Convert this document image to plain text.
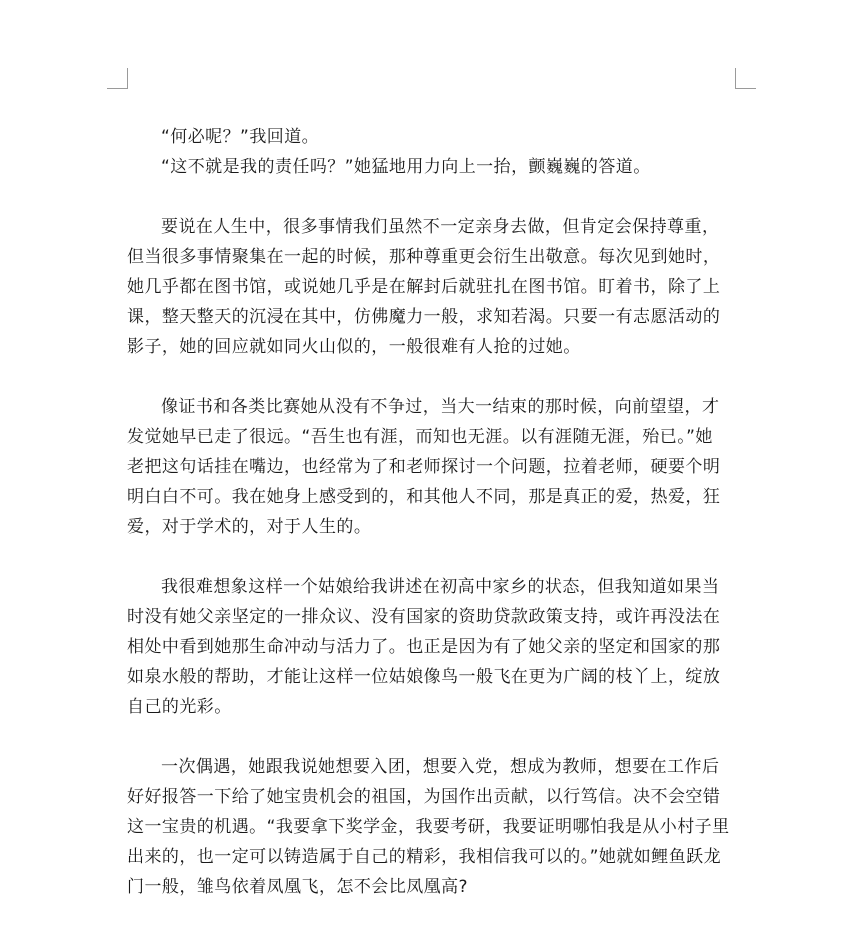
“何必呢？”我回道。

“这不就是我的责任吗？”她猛地用力向上一抬，颤巍巍的答道。

要说在人生中，很多事情我们虽然不一定亲身去做，但肯定会保持尊重，

但当很多事情聚集在一起的时候，那种尊重更会衍生出敬意。每次见到她时，

她几乎都在图书馆，或说她几乎是在解封后就驻扎在图书馆。盯着书，除了上

课，整天整天的沉浸在其中，仿佛魔力一般，求知若渴。只要一有志愿活动的

影子，她的回应就如同火山似的，一般很难有人抢的过她。

像证书和各类比赛她从没有不争过，当大一结束的那时候，向前望望，才

发觉她早已走了很远。“吾生也有涯，而知也无涯。以有涯随无涯，殆已。”她

老把这句话挂在嘴边，也经常为了和老师探讨一个问题，拉着老师，硬要个明

明白白不可。我在她身上感受到的，和其他人不同，那是真正的爱，热爱，狂

爱，对于学术的，对于人生的。

我很难想象这样一个姑娘给我讲述在初高中家乡的状态，但我知道如果当

时没有她父亲坚定的一排众议、没有国家的资助贷款政策支持，或许再没法在

相处中看到她那生命冲动与活力了。也正是因为有了她父亲的坚定和国家的那

如泉水般的帮助，才能让这样一位姑娘像鸟一般飞在更为广阔的枝丫上，绽放

自己的光彩。

一次偶遇，她跟我说她想要入团，想要入党，想成为教师，想要在工作后

好好报答一下给了她宝贵机会的祖国，为国作出贡献，以行笃信。决不会空错

这一宝贵的机遇。“我要拿下奖学金，我要考研，我要证明哪怕我是从小村子里

出来的，也一定可以铸造属于自己的精彩，我相信我可以的。”她就如鲤鱼跃龙

门一般，雏鸟依着凤凰飞，怎不会比凤凰高?
